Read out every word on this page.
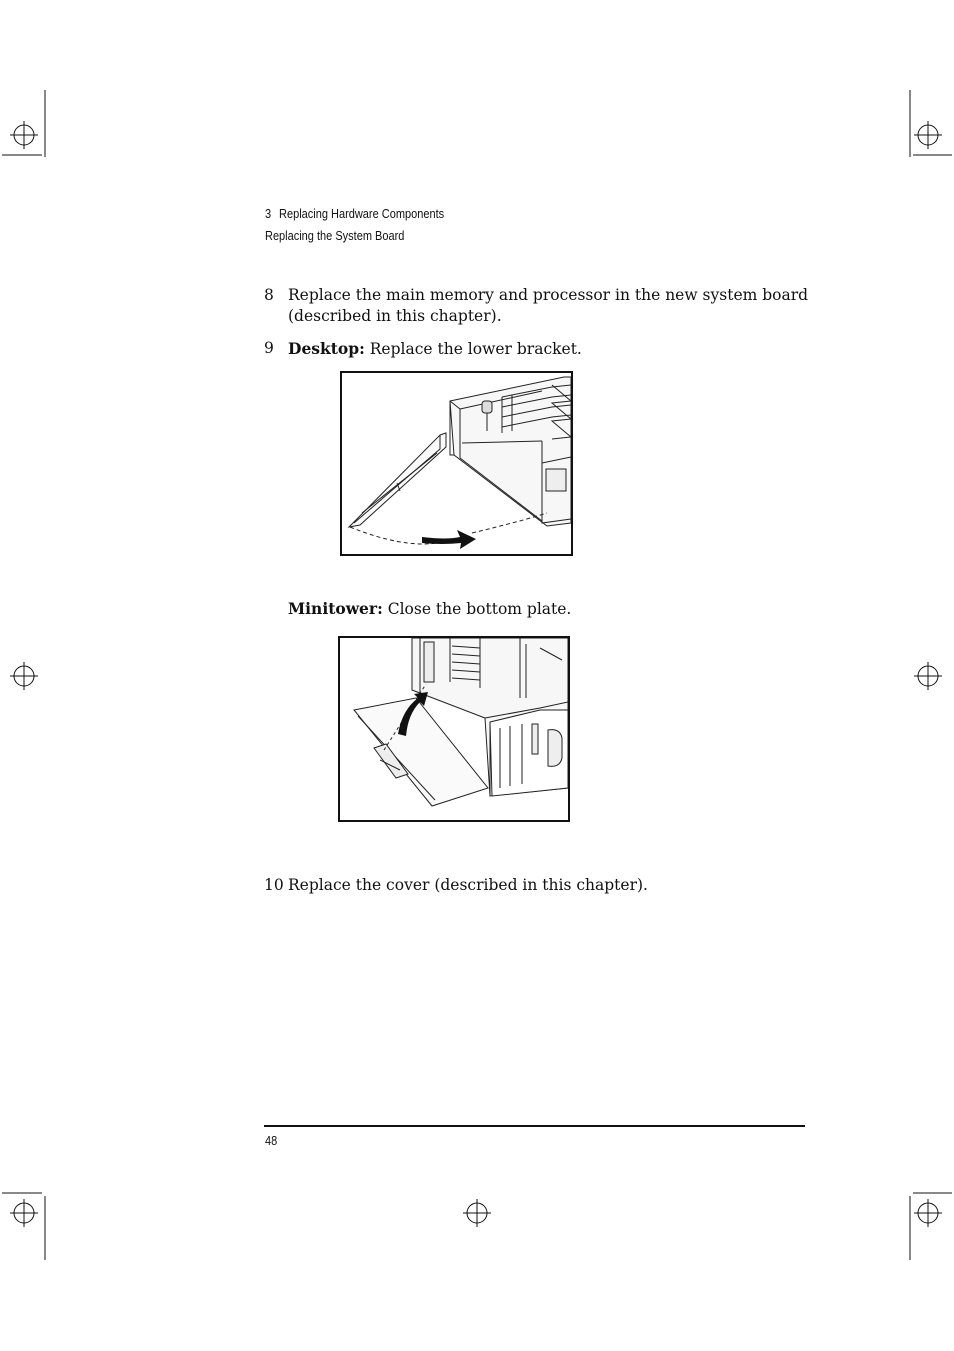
3 Replacing Hardware Components
Replacing the System Board
8 Replace the main memory and processor in the new system board
(described in this chapter).
9 Desktop: Replace the lower bracket.
Minitower: Close the bottom plate.
10 Replace the cover (described in this chapter).
48
